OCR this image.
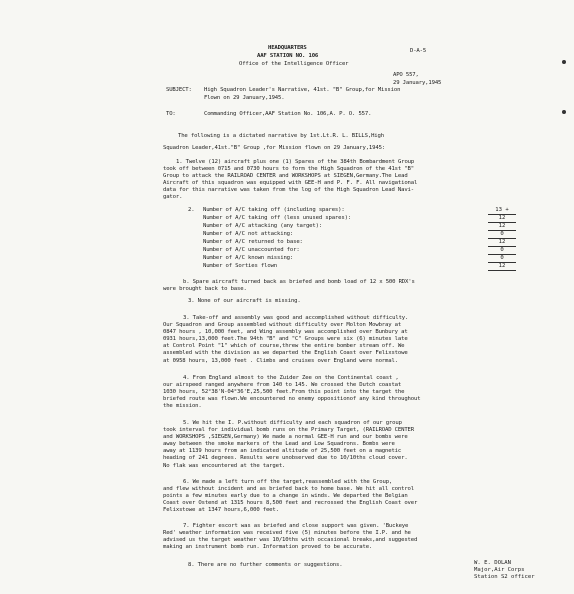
HEADQUARTERS
AAF STATION NO. 106
Office of the Intelligence Officer
D-A-5
APO 557,
29 January,1945
SUBJECT: High Squadron Leader's Narrative, 41st. "B" Group,for Mission
Flown on 29 January,1945.
TO:	Commanding Officer,AAF Station No. 106,A. P. O. 557.
The following is a dictated narrative by 1st.Lt.R. L. BILLS,High
Squadron Leader,41st."B" Group ,for Mission flown on 29 January,1945:
1. Twelve (12) aircraft plus one (1) Spares of the 384th Bombardment Group
took off between 0715 and 0730 hours to form the High Squadron of the 41st "B"
Group to attack the RAILROAD CENTER and WORKSHOPS at SIEGEN,Germany.The Lead
Aircraft of this squadron was equipped with GEE-H and P. F. F. All navigational
data for this narrative was taken from the log of the High Squadron Lead Navi-
gator.
2. Number of A/C taking off (including spares):	13 +
Number of A/C taking off (less unused spares):	12
Number of A/C attacking (any target):	12
Number of A/C not attacking:	0
Number of A/C returned to base:	12
Number of A/C unaccounted for:	0
Number of A/C known missing:	0
Number of Sorties flown	12
b. Spare aircraft turned back as briefed and bomb load of 12 x 500 RDX's
were brought back to base.
3. None of our aircraft is missing.
3. Take-off and assembly was good and accomplished without difficulty.
Our Squadron and Group assembled without difficulty over Molton Mowbray at
0847 hours , 10,000 feet, and Wing assembly was accomplished over Bunbury at
0931 hours,13,000 feet.The 94th "B" and "C" Groups were six (6) minutes late
at Control Point "1" which of course,threw the entire bomber stream off. We
assembled with the division as we departed the English Coast over Felixstowe
at 0958 hours, 13,000 feet . Climbs and cruises over England were normal.
4. From England almost to the Zuider Zee on the Continental coast ,
our airspeed ranged anywhere from 140 to 145. We crossed the Dutch coastat
1030 hours, 52°38'N-04°36'E,25,500 feet.From this point into the target the
briefed route was flown.We encountered no enemy oppositionof any kind throughout
the mission.
5. We hit the I. P.without difficulty and each squadron of our group
took interval for individual bomb runs on the Primary Target, (RAILROAD CENTER
and WORKSHOPS ,SIEGEN,Germany) We made a normal GEE-H run and our bombs were
away between the smoke markers of the Lead and Low Squadrons. Bombs were
away at 1139 hours from an indicated altitude of 25,500 feet on a magnetic
heading of 241 degrees. Results were unobserved due to 10/10ths cloud cover.
No flak was encountered at the target.
6. We made a left turn off the target,reassembled with the Group,
and flew without incident and as briefed back to home base. We hit all control
points a few minutes early due to a change in winds. We departed the Belgian
Coast over Ostend at 1315 hours 8,500 feet and recrossed the English Coast over
Felixstowe at 1347 hours,6,000 feet.
7. Fighter escort was as briefed and close support was given. 'Buckeye
Red' weather information was received five (5) minutes before the I.P. and he
advised us the target weather was 10/10ths with occasional breaks,and suggested
making an instrument bomb run. Information proved to be accurate.
8. There are no further comments or suggestions.	W. E. DOLAN
Major,Air Corps
Station S2 officer
